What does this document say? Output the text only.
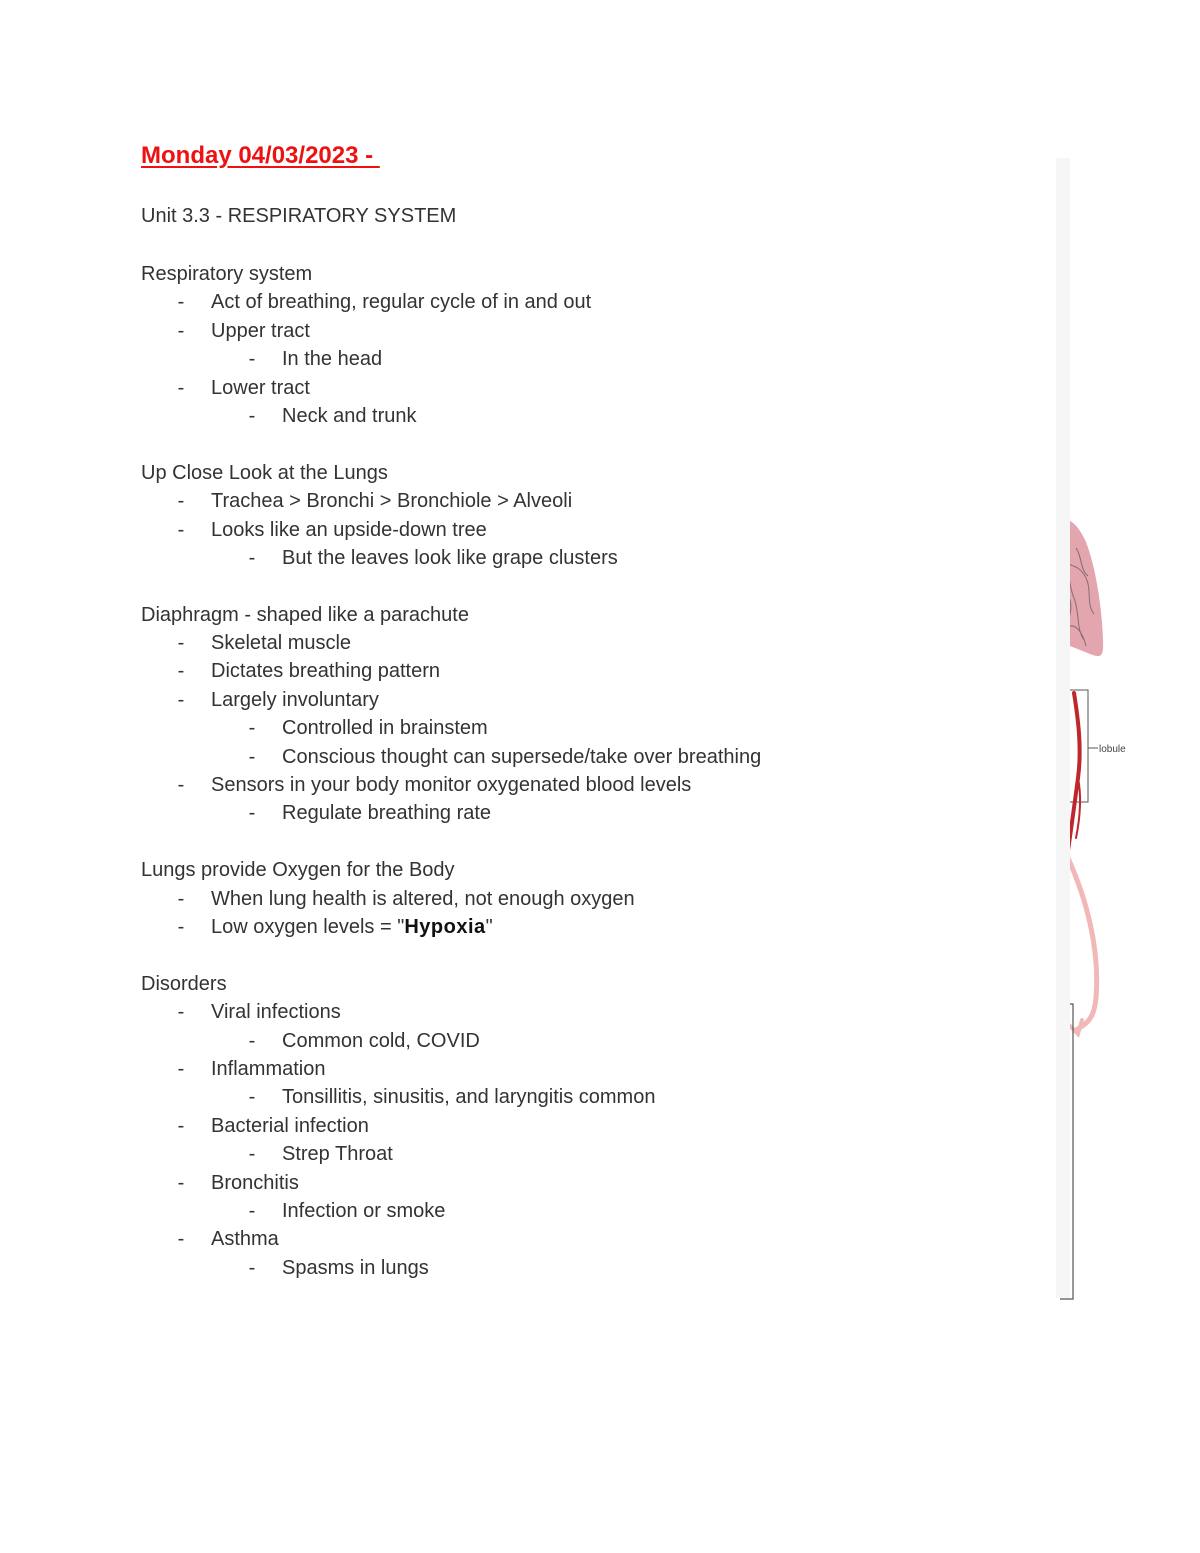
Monday 04/03/2023 -
Unit 3.3 - RESPIRATORY SYSTEM
Respiratory system
- Act of breathing, regular cycle of in and out
- Upper tract
- In the head
- Lower tract
- Neck and trunk
Up Close Look at the Lungs
- Trachea > Bronchi > Bronchiole > Alveoli
- Looks like an upside-down tree
- But the leaves look like grape clusters
Diaphragm - shaped like a parachute
- Skeletal muscle
- Dictates breathing pattern
- Largely involuntary
- Controlled in brainstem
- Conscious thought can supersede/take over breathing
- Sensors in your body monitor oxygenated blood levels
- Regulate breathing rate
Lungs provide Oxygen for the Body
- When lung health is altered, not enough oxygen
- Low oxygen levels = "Hypoxia"
Disorders
- Viral infections
- Common cold, COVID
- Inflammation
- Tonsillitis, sinusitis, and laryngitis common
- Bacterial infection
- Strep Throat
- Bronchitis
- Infection or smoke
- Asthma
- Spasms in lungs
lobule
